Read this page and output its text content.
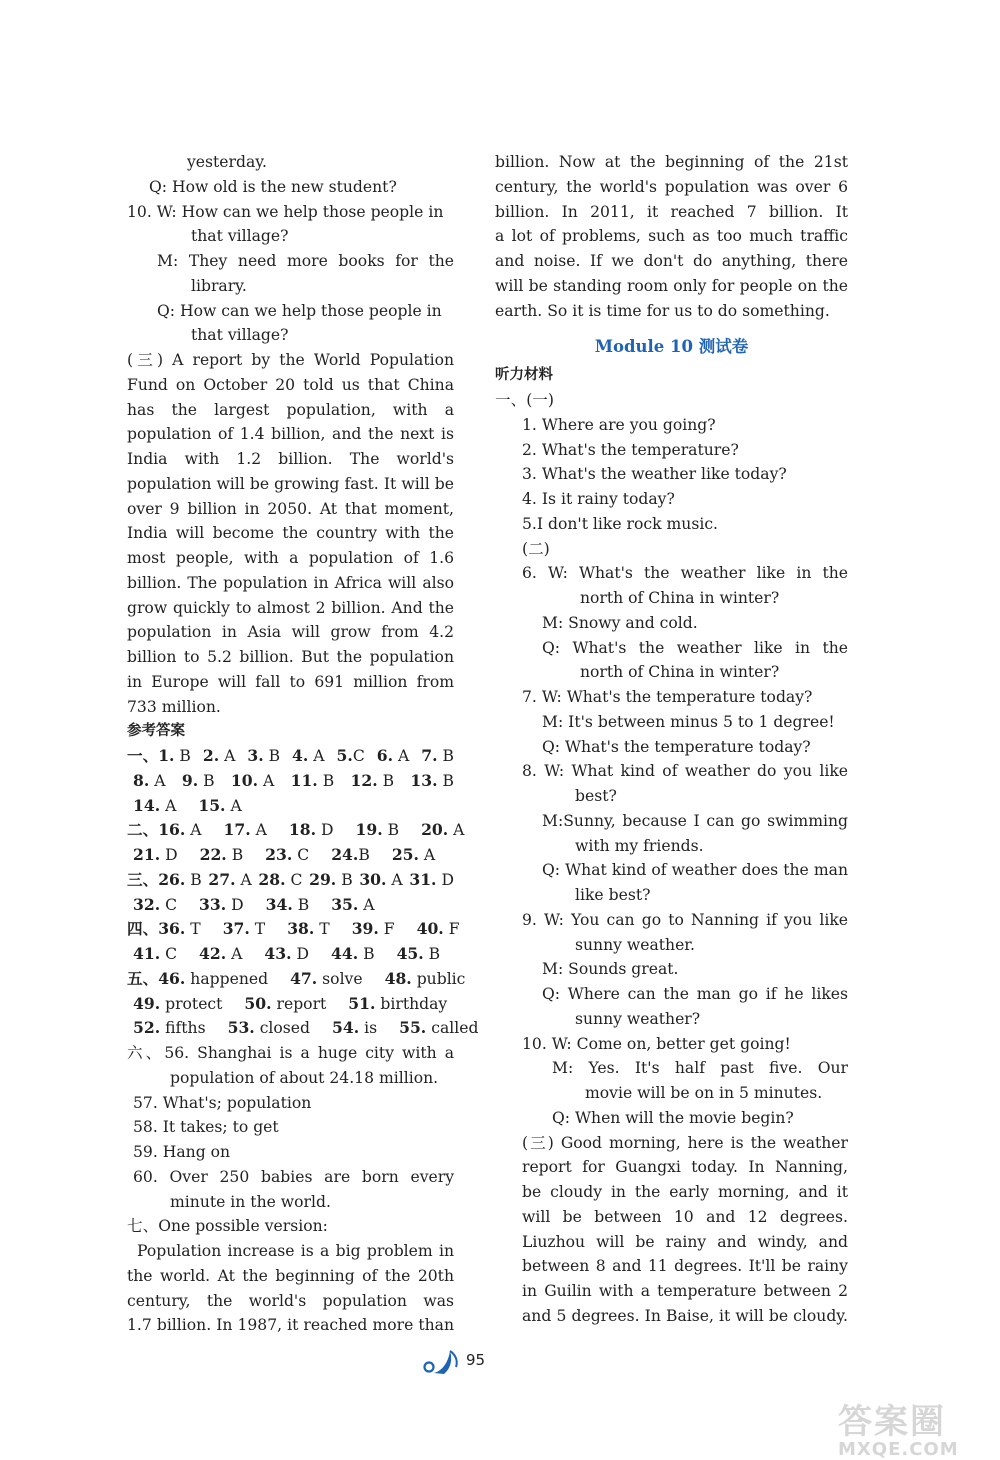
yesterday.
Q: How old is the new student?
10. W: How can we help those people in
that village?
M: They need more books for the
library.
Q: How can we help those people in
that village?
(三) A report by the World Population
Fund on October 20 told us that China
has the largest population, with a
population of 1.4 billion, and the next is
India with 1.2 billion. The world's
population will be growing fast. It will be
over 9 billion in 2050. At that moment,
India will become the country with the
most people, with a population of 1.6
billion. The population in Africa will also
grow quickly to almost 2 billion. And the
population in Asia will grow from 4.2
billion to 5.2 billion. But the population
in Europe will fall to 691 million from
733 million.
参考答案
一、1. B 2. A 3. B 4. A 5.C 6. A 7. B
8. A 9. B 10. A 11. B 12. B 13. B
14. A 15. A
二、16. A 17. A 18. D 19. B 20. A
21. D 22. B 23. C 24.B 25. A
三、26. B 27. A 28. C 29. B 30. A 31. D
32. C 33. D 34. B 35. A
四、36. T 37. T 38. T 39. F 40. F
41. C 42. A 43. D 44. B 45. B
五、46. happened 47. solve 48. public
49. protect 50. report 51. birthday
52. fifths 53. closed 54. is 55. called
六、56. Shanghai is a huge city with a
population of about 24.18 million.
57. What's; population
58. It takes; to get
59. Hang on
60. Over 250 babies are born every
minute in the world.
七、One possible version:
Population increase is a big problem in
the world. At the beginning of the 20th
century, the world's population was
1.7 billion. In 1987, it reached more than
billion. Now at the beginning of the 21st
century, the world's population was over 6
billion. In 2011, it reached 7 billion. It
a lot of problems, such as too much traffic
and noise. If we don't do anything, there
will be standing room only for people on the
earth. So it is time for us to do something.
Module 10 测试卷
听力材料
一、(一)
1. Where are you going?
2. What's the temperature?
3. What's the weather like today?
4. Is it rainy today?
5.I don't like rock music.
(二)
6. W: What's the weather like in the
north of China in winter?
M: Snowy and cold.
Q: What's the weather like in the
north of China in winter?
7. W: What's the temperature today?
M: It's between minus 5 to 1 degree!
Q: What's the temperature today?
8. W: What kind of weather do you like
best?
M:Sunny, because I can go swimming
with my friends.
Q: What kind of weather does the man
like best?
9. W: You can go to Nanning if you like
sunny weather.
M: Sounds great.
Q: Where can the man go if he likes
sunny weather?
10. W: Come on, better get going!
M: Yes. It's half past five. Our
movie will be on in 5 minutes.
Q: When will the movie begin?
(三) Good morning, here is the weather
report for Guangxi today. In Nanning,
be cloudy in the early morning, and it
will be between 10 and 12 degrees.
Liuzhou will be rainy and windy, and
between 8 and 11 degrees. It'll be rainy
in Guilin with a temperature between 2
and 5 degrees. In Baise, it will be cloudy.
95
答案圈
MXQE.COM
